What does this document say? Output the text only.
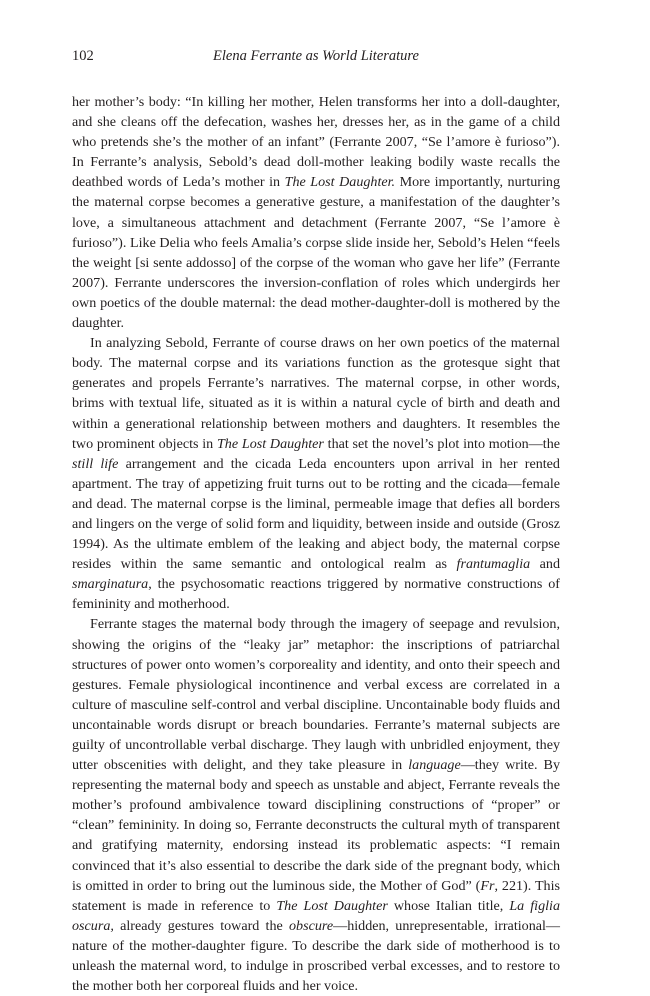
102	Elena Ferrante as World Literature

her mother’s body: “In killing her mother, Helen transforms her into a doll-daughter, and she cleans off the defecation, washes her, dresses her, as in the game of a child who pretends she’s the mother of an infant” (Ferrante 2007, “Se l’amore è furioso”). In Ferrante’s analysis, Sebold’s dead doll-mother leaking bodily waste recalls the deathbed words of Leda’s mother in The Lost Daughter. More importantly, nurturing the maternal corpse becomes a generative gesture, a manifestation of the daughter’s love, a simultaneous attachment and detachment (Ferrante 2007, “Se l’amore è furioso”). Like Delia who feels Amalia’s corpse slide inside her, Sebold’s Helen “feels the weight [si sente addosso] of the corpse of the woman who gave her life” (Ferrante 2007). Ferrante underscores the inversion-conflation of roles which undergirds her own poetics of the double maternal: the dead mother-daughter-doll is mothered by the daughter.

In analyzing Sebold, Ferrante of course draws on her own poetics of the maternal body. The maternal corpse and its variations function as the grotesque sight that generates and propels Ferrante’s narratives. The maternal corpse, in other words, brims with textual life, situated as it is within a natural cycle of birth and death and within a generational relationship between mothers and daughters. It resembles the two prominent objects in The Lost Daughter that set the novel’s plot into motion—the still life arrangement and the cicada Leda encounters upon arrival in her rented apartment. The tray of appetizing fruit turns out to be rotting and the cicada—female and dead. The maternal corpse is the liminal, permeable image that defies all borders and lingers on the verge of solid form and liquidity, between inside and outside (Grosz 1994). As the ultimate emblem of the leaking and abject body, the maternal corpse resides within the same semantic and ontological realm as frantumaglia and smarginatura, the psychosomatic reactions triggered by normative constructions of femininity and motherhood.

Ferrante stages the maternal body through the imagery of seepage and revulsion, showing the origins of the “leaky jar” metaphor: the inscriptions of patriarchal structures of power onto women’s corporeality and identity, and onto their speech and gestures. Female physiological incontinence and verbal excess are correlated in a culture of masculine self-control and verbal discipline. Uncontainable body fluids and uncontainable words disrupt or breach boundaries. Ferrante’s maternal subjects are guilty of uncontrollable verbal discharge. They laugh with unbridled enjoyment, they utter obscenities with delight, and they take pleasure in language—they write. By representing the maternal body and speech as unstable and abject, Ferrante reveals the mother’s profound ambivalence toward disciplining constructions of “proper” or “clean” femininity. In doing so, Ferrante deconstructs the cultural myth of transparent and gratifying maternity, endorsing instead its problematic aspects: “I remain convinced that it’s also essential to describe the dark side of the pregnant body, which is omitted in order to bring out the luminous side, the Mother of God” (Fr, 221). This statement is made in reference to The Lost Daughter whose Italian title, La figlia oscura, already gestures toward the obscure—hidden, unrepresentable, irrational—nature of the mother-daughter figure. To describe the dark side of motherhood is to unleash the maternal word, to indulge in proscribed verbal excesses, and to restore to the mother both her corporeal fluids and her voice.
